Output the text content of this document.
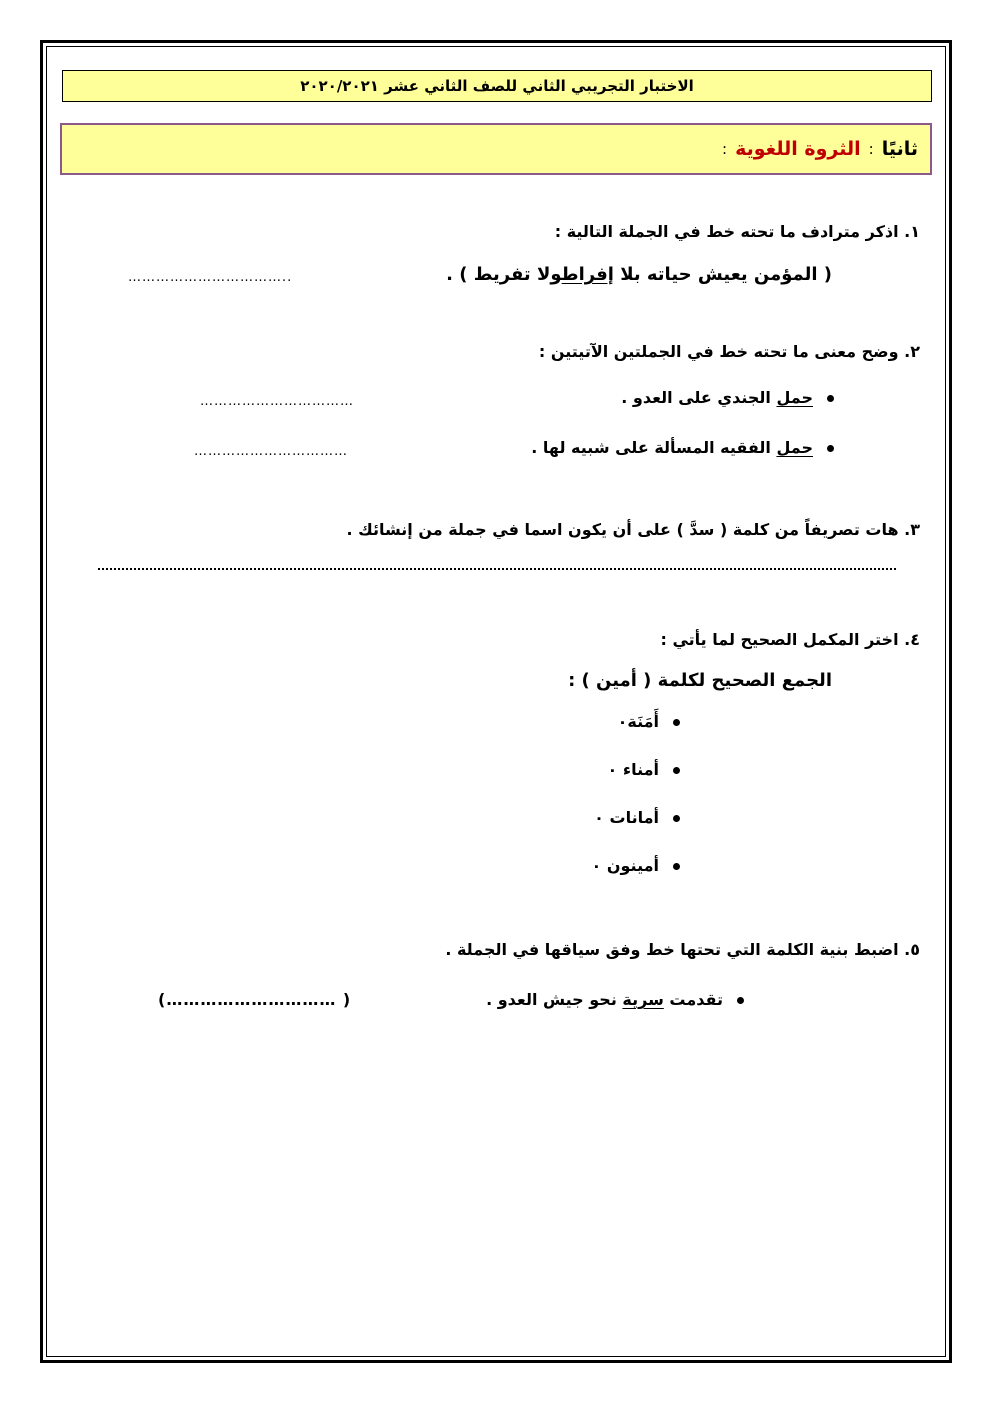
الاختبار التجريبي الثاني للصف الثاني عشر ٢٠٢٠/٢٠٢١
ثانيًا
:
الثروة اللغوية
:
١. اذكر مترادف ما تحته خط في الجملة التالية :
( المؤمن يعيش حياته بلا إفراطولا تفريط ) .
……………………………..
٢. وضح معنى ما تحته خط في الجملتين الآتيتين :
حمل الجندي على العدو .
……………………………
حمل الفقيه المسألة على شبيه لها .
……………………………
٣. هات تصريفاً من كلمة ( سدَّ ) على أن يكون اسما في جملة من إنشائك .
٤. اختر المكمل الصحيح لما يأتي :
الجمع الصحيح لكلمة ( أمين ) :
أَمَنَة٠
أمناء ٠
أمانات ٠
أمينون ٠
٥. اضبط بنية الكلمة التي تحتها خط وفق سياقها في الجملة .
تقدمت سرية نحو جيش العدو .
(………………………… )
